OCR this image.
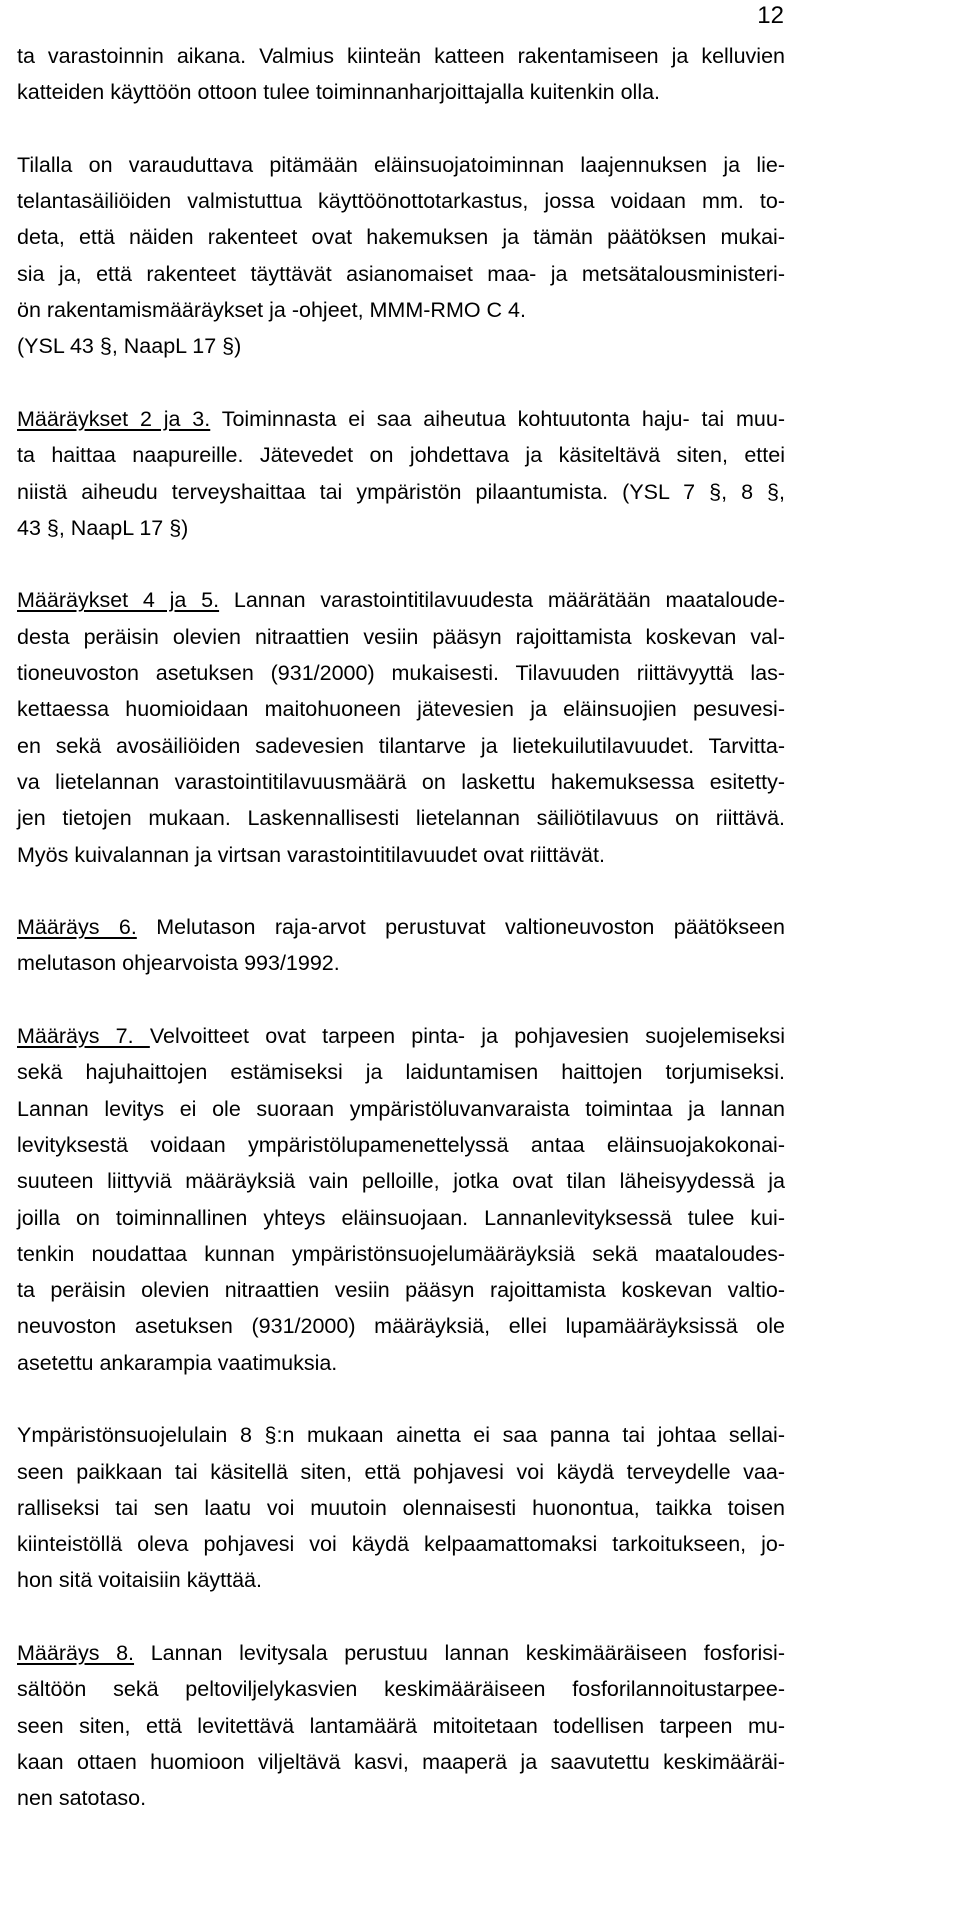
12

ta varastoinnin aikana. Valmius kiinteän katteen rakentamiseen ja kelluvien
katteiden käyttöön ottoon tulee toiminnanharjoittajalla kuitenkin olla.

Tilalla on varauduttava pitämään eläinsuojatoiminnan laajennuksen ja lie-
telantasäiliöiden valmistuttua käyttöönottotarkastus, jossa voidaan mm. to-
deta, että näiden rakenteet ovat hakemuksen ja tämän päätöksen mukai-
sia ja, että rakenteet täyttävät asianomaiset maa- ja metsätalousministeri-
ön rakentamismääräykset ja -ohjeet, MMM-RMO C 4.
(YSL 43 §, NaapL 17 §)

Määräykset 2 ja 3. Toiminnasta ei saa aiheutua kohtuutonta haju- tai muu-
ta haittaa naapureille. Jätevedet on johdettava ja käsiteltävä siten, ettei
niistä aiheudu terveyshaittaa tai ympäristön pilaantumista. (YSL 7 §, 8 §,
43 §, NaapL 17 §)

Määräykset 4 ja 5. Lannan varastointitilavuudesta määrätään maataloude-
desta peräisin olevien nitraattien vesiin pääsyn rajoittamista koskevan val-
tioneuvoston asetuksen (931/2000) mukaisesti. Tilavuuden riittävyyttä las-
kettaessa huomioidaan maitohuoneen jätevesien ja eläinsuojien pesuvesi-
en sekä avosäiliöiden sadevesien tilantarve ja lietekuilutilavuudet. Tarvitta-
va lietelannan varastointitilavuusmäärä on laskettu hakemuksessa esitetty-
jen tietojen mukaan. Laskennallisesti lietelannan säiliötilavuus on riittävä.
Myös kuivalannan ja virtsan varastointitilavuudet ovat riittävät.

Määräys 6. Melutason raja-arvot perustuvat valtioneuvoston päätökseen
melutason ohjearvoista 993/1992.

Määräys 7. Velvoitteet ovat tarpeen pinta- ja pohjavesien suojelemiseksi
sekä hajuhaittojen estämiseksi ja laiduntamisen haittojen torjumiseksi.
Lannan levitys ei ole suoraan ympäristöluvanvaraista toimintaa ja lannan
levityksestä voidaan ympäristölupamenettelyssä antaa eläinsuojakokonai-
suuteen liittyviä määräyksiä vain pelloille, jotka ovat tilan läheisyydessä ja
joilla on toiminnallinen yhteys eläinsuojaan. Lannanlevityksessä tulee kui-
tenkin noudattaa kunnan ympäristönsuojelumääräyksiä sekä maataloudes-
ta peräisin olevien nitraattien vesiin pääsyn rajoittamista koskevan valtio-
neuvoston asetuksen (931/2000) määräyksiä, ellei lupamääräyksissä ole
asetettu ankarampia vaatimuksia.

Ympäristönsuojelulain 8 §:n mukaan ainetta ei saa panna tai johtaa sellai-
seen paikkaan tai käsitellä siten, että pohjavesi voi käydä terveydelle vaa-
ralliseksi tai sen laatu voi muutoin olennaisesti huonontua, taikka toisen
kiinteistöllä oleva pohjavesi voi käydä kelpaamattomaksi tarkoitukseen, jo-
hon sitä voitaisiin käyttää.

Määräys 8. Lannan levitysala perustuu lannan keskimääräiseen fosforisi-
sältöön sekä peltoviljelykasvien keskimääräiseen fosforilannoitustarpee-
seen siten, että levitettävä lantamäärä mitoitetaan todellisen tarpeen mu-
kaan ottaen huomioon viljeltävä kasvi, maaperä ja saavutettu keskimääräi-
nen satotaso.
